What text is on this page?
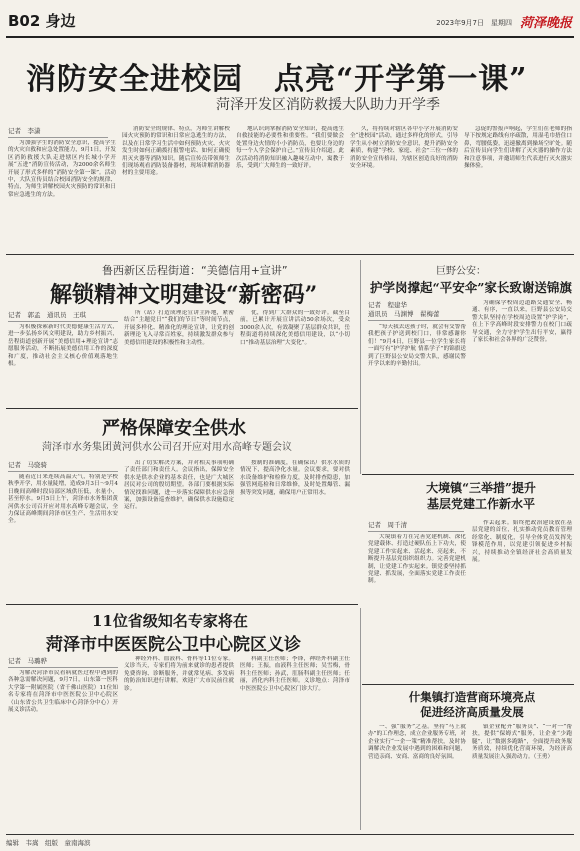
B02 身边	2023年9月7日　星期四 菏泽晚报
消防安全进校园　点亮“开学第一课”
菏泽开发区消防救援大队助力开学季
记者　李潇
为加强学生的消防安全意识，提高学生的火灾自救和应急处置能力，9月1日，开发区消防救援大队走进辖区内长城小学开展“五进”消防宣传活动，为2000余名师生开展了形式多样的“消防安全第一课”。活动中，大队宣传员结合校园消防安全的规律、特点，为师生讲解校园火灾预防的常识和日常应急逃生的方法。
消防安全的规律、特点，为师生讲解校园火灾预防的常识和日常应急逃生的方法，以及在日常学习生活中如何预防火灾、火灾发生时如何正确拨打报警电话、如何正确使用灭火器等消防知识。随后宣传员带领师生们现场观看消防装备器材，现场讲解消防器材的主要用途。
地认识到掌握消防安全知识，提高逃生自救技能的必要性和重要性。“我们要做会处置身边火情的小小消防员，也要让身边的每一个人学会保护自己。”宣传员介绍道。此次活动将消防知识融入趣味互动中，寓教于乐，受到广大师生的一致好评。
久，将持续对辖区各中小学开展消防安全“进校园”活动，通过多样化的形式，引导学生从小树立消防安全意识，提升消防安全素质，构建“学校、家庭、社会”三位一体的消防安全宣传格局，为辖区创造良好的消防安全环境。
急促的警报声响起，学生们在老师的指导下按规定路线有序疏散，用湿毛巾捂住口鼻，弯腰低姿，迅速撤离到操场空旷处。随后宣传员向学生们讲解了灭火器的操作方法和注意事项，并邀请师生代表进行灭火器实操体验。
鲁西新区岳程街道：“美德信用+宣讲”
解锁精神文明建设“新密码”
记者　郭孟　通讯员　王琪
为积极探索新时代美德健康生活方式，进一步弘扬乡风文明建设，助力乡村振兴，岳程街道创新开展“美德信用+理论宣讲”志愿服务活动，不断拓展美德信用工作的深度和广度，推动社会主义核心价值观落地生根。
所（站）打造成理论宣讲主阵地，紧密结合“主题党日”“我们的节日”等时间节点，开展多样化、精准化的理论宣讲，让党的创新理论飞入寻常百姓家，持续激发群众参与美德信用建设的积极性和主动性。
优，得到广大群众的一致好评。截至目前，已累计开展宣讲活动50余场次，受众3000余人次，有效凝聚了基层群众共识，岳程街道将持续深化美德信用建设，以“小切口”推动基层治理“大变化”。
巨野公安：
护学岗撑起“平安伞”家长致谢送锦旗
记者　程建华
通讯员　马渊博　翟梅蕾
“每天我去送孩子时，就会有交警帮我把孩子护送到校门口，非常感谢你们！”9月4日，巨野县一位学生家长将一面写有“护学护航 情系学子”的锦旗送到了巨野县公安局交警大队，感谢民警开学以来的辛勤付出。
为确保学校周边道路交通安全、畅通、有序，一直以来，巨野县公安局交警大队坚持在学校周边设置“护学岗”，在上下学高峰时段安排警力在校门口疏导交通，全力守护学生出行平安，赢得了家长和社会各界的广泛赞誉。
严格保障安全供水
菏泽市水务集团黄河供水公司召开应对用水高峰专题会议
记者　马骁骑
随着近日来连续高温天气，特别是学校秋季开学，用水量陡增，造成9月3日～9月4日晚间高峰时段局部区域供压低，水量小，甚至停水。9月5日上午，菏泽市水务集团黄河供水公司召开应对用水高峰专题会议，全力保证高峰期间菏泽市区生产、生活用水安全。
出了切实解决方案，并对相关事项明确了责任部门和责任人。会议指出，保障安全供水是供水企业的基本责任，也是广大城区居民对公司的殷切期望。各部门要根据实际情况找准问题，进一步落实保障供水应急预案，加强设备巡查维护，确保供水设施稳定运行。
按制的准确度，在确保出厂供水水质的情况下，提高净化水量。会议要求，要对供水设备维护和检修力度，及时排查隐患，加强管网巡检和日常维修，及时处置爆管、漏损等突发问题，确保用户正常用水。	大境镇“三举措”提升
基层党建工作新水平
记者　周千清
大境镇着力在完善党建机制、深化党建载体、打造过硬队伍上下功夫，使党建工作实起来、活起来、亮起来，不断提升基层党组织组织力。完善党建机制，让党建工作实起来。镇党委坚持抓党建、抓发展，全面落实党建工作责任制。
作丢起来。始终把政治建设放在基层党建的首位，扎实推动党员教育管理经常化、制度化，引导全体党员发挥先锋模范作用，以党建引领促进乡村振兴，持续推动全镇经济社会高质量发展。
11位省级知名专家将在
菏泽市中医医院公卫中心院区义诊
记者　马璐骅
为解决菏泽市民看病就医过程中遇到的各种急需解决问题，9月7日，山东第一医科大学第一附属医院（省千佛山医院）11位知名专家将在菏泽市中医医院公卫中心院区（山东省公共卫生临床中心菏泽分中心）开展义诊活动。
神经外科、血液科、骨科等11位专家。义诊当天，专家们将为前来就诊的患者提供免费咨询、诊断服务，并就常见病、多发病的防治知识进行讲解。欢迎广大市民前往就诊。
科副主任医师；李锋，神经外科副主任医师；王振，血液科主任医师；吴雪梅，骨科主任医师；孙武，肛肠科副主任医师；任丽，消化内科主任医师。义诊地点：菏泽市中医医院公卫中心院区门诊大厅。
什集镇打造营商环境亮点
促进经济高质量发展
一、强“服务”之基。坚持“马上就办”的工作理念，成立企业服务专班，对企业实行“一企一策”精准帮扶，及时协调解决企业发展中遇到的困难和问题，营造亲商、安商、富商的良好氛围。
镇企业配齐“服务员”、“一对一”帮扶，提供“保姆式”服务，让企业“少跑腿”，让“数据多跑路”，全面提升政务服务质效，持续优化营商环境，为经济高质量发展注入强劲动力。（王勇）
编辑　韦嵩　组版　童南海滨
